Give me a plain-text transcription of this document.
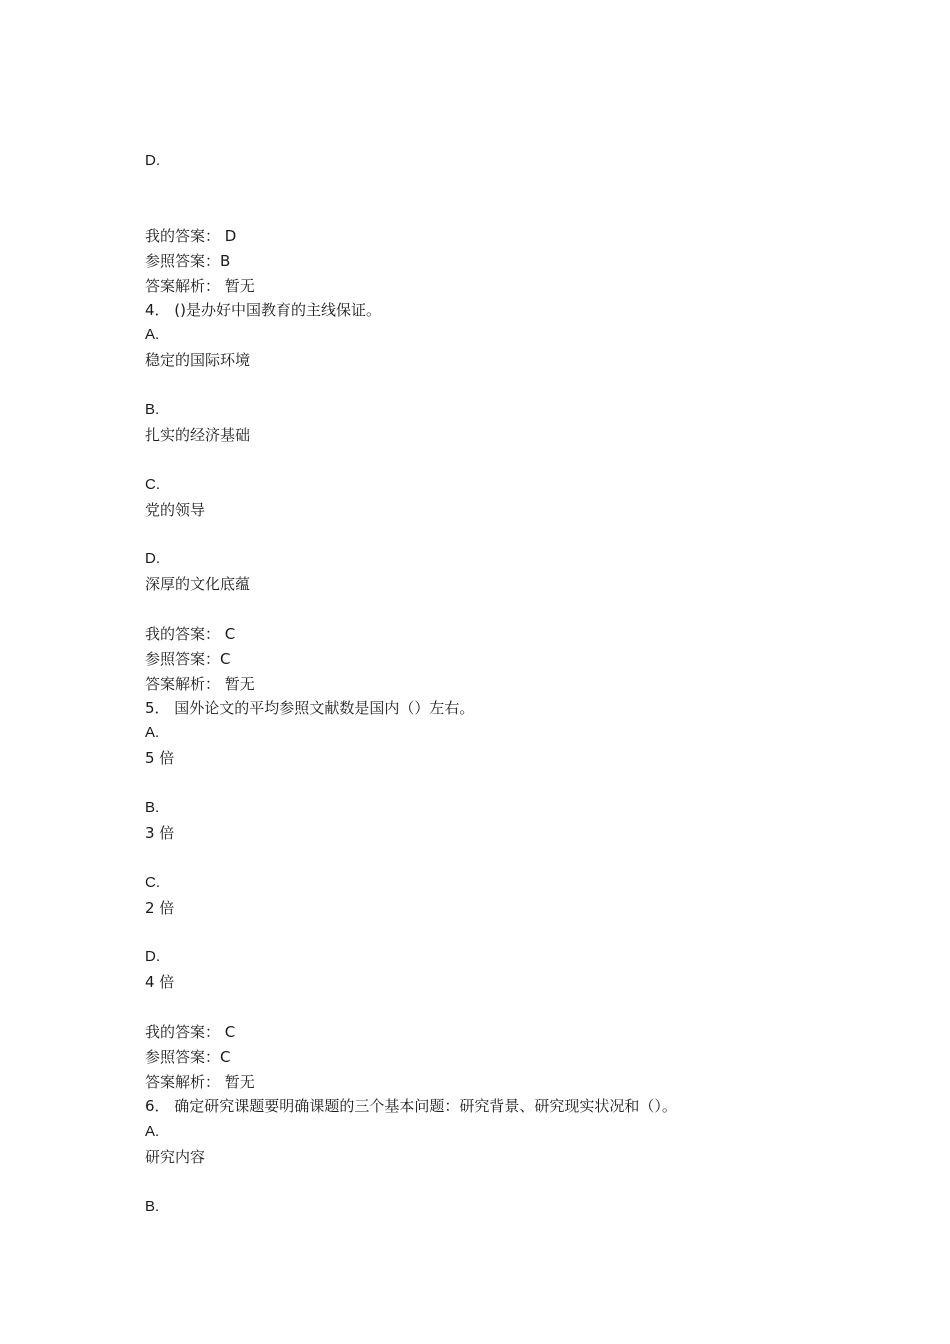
D.
我的答案： D
参照答案：B
答案解析： 暂无
4． ()是办好中国教育的主线保证。
A.
稳定的国际环境
B.
扎实的经济基础
C.
党的领导
D.
深厚的文化底蕴
我的答案： C
参照答案：C
答案解析： 暂无
5． 国外论文的平均参照文献数是国内（）左右。
A.
5 倍
B.
3 倍
C.
2 倍
D.
4 倍
我的答案： C
参照答案：C
答案解析： 暂无
6． 确定研究课题要明确课题的三个基本问题：研究背景、研究现实状况和（）。
A.
研究内容
B.
